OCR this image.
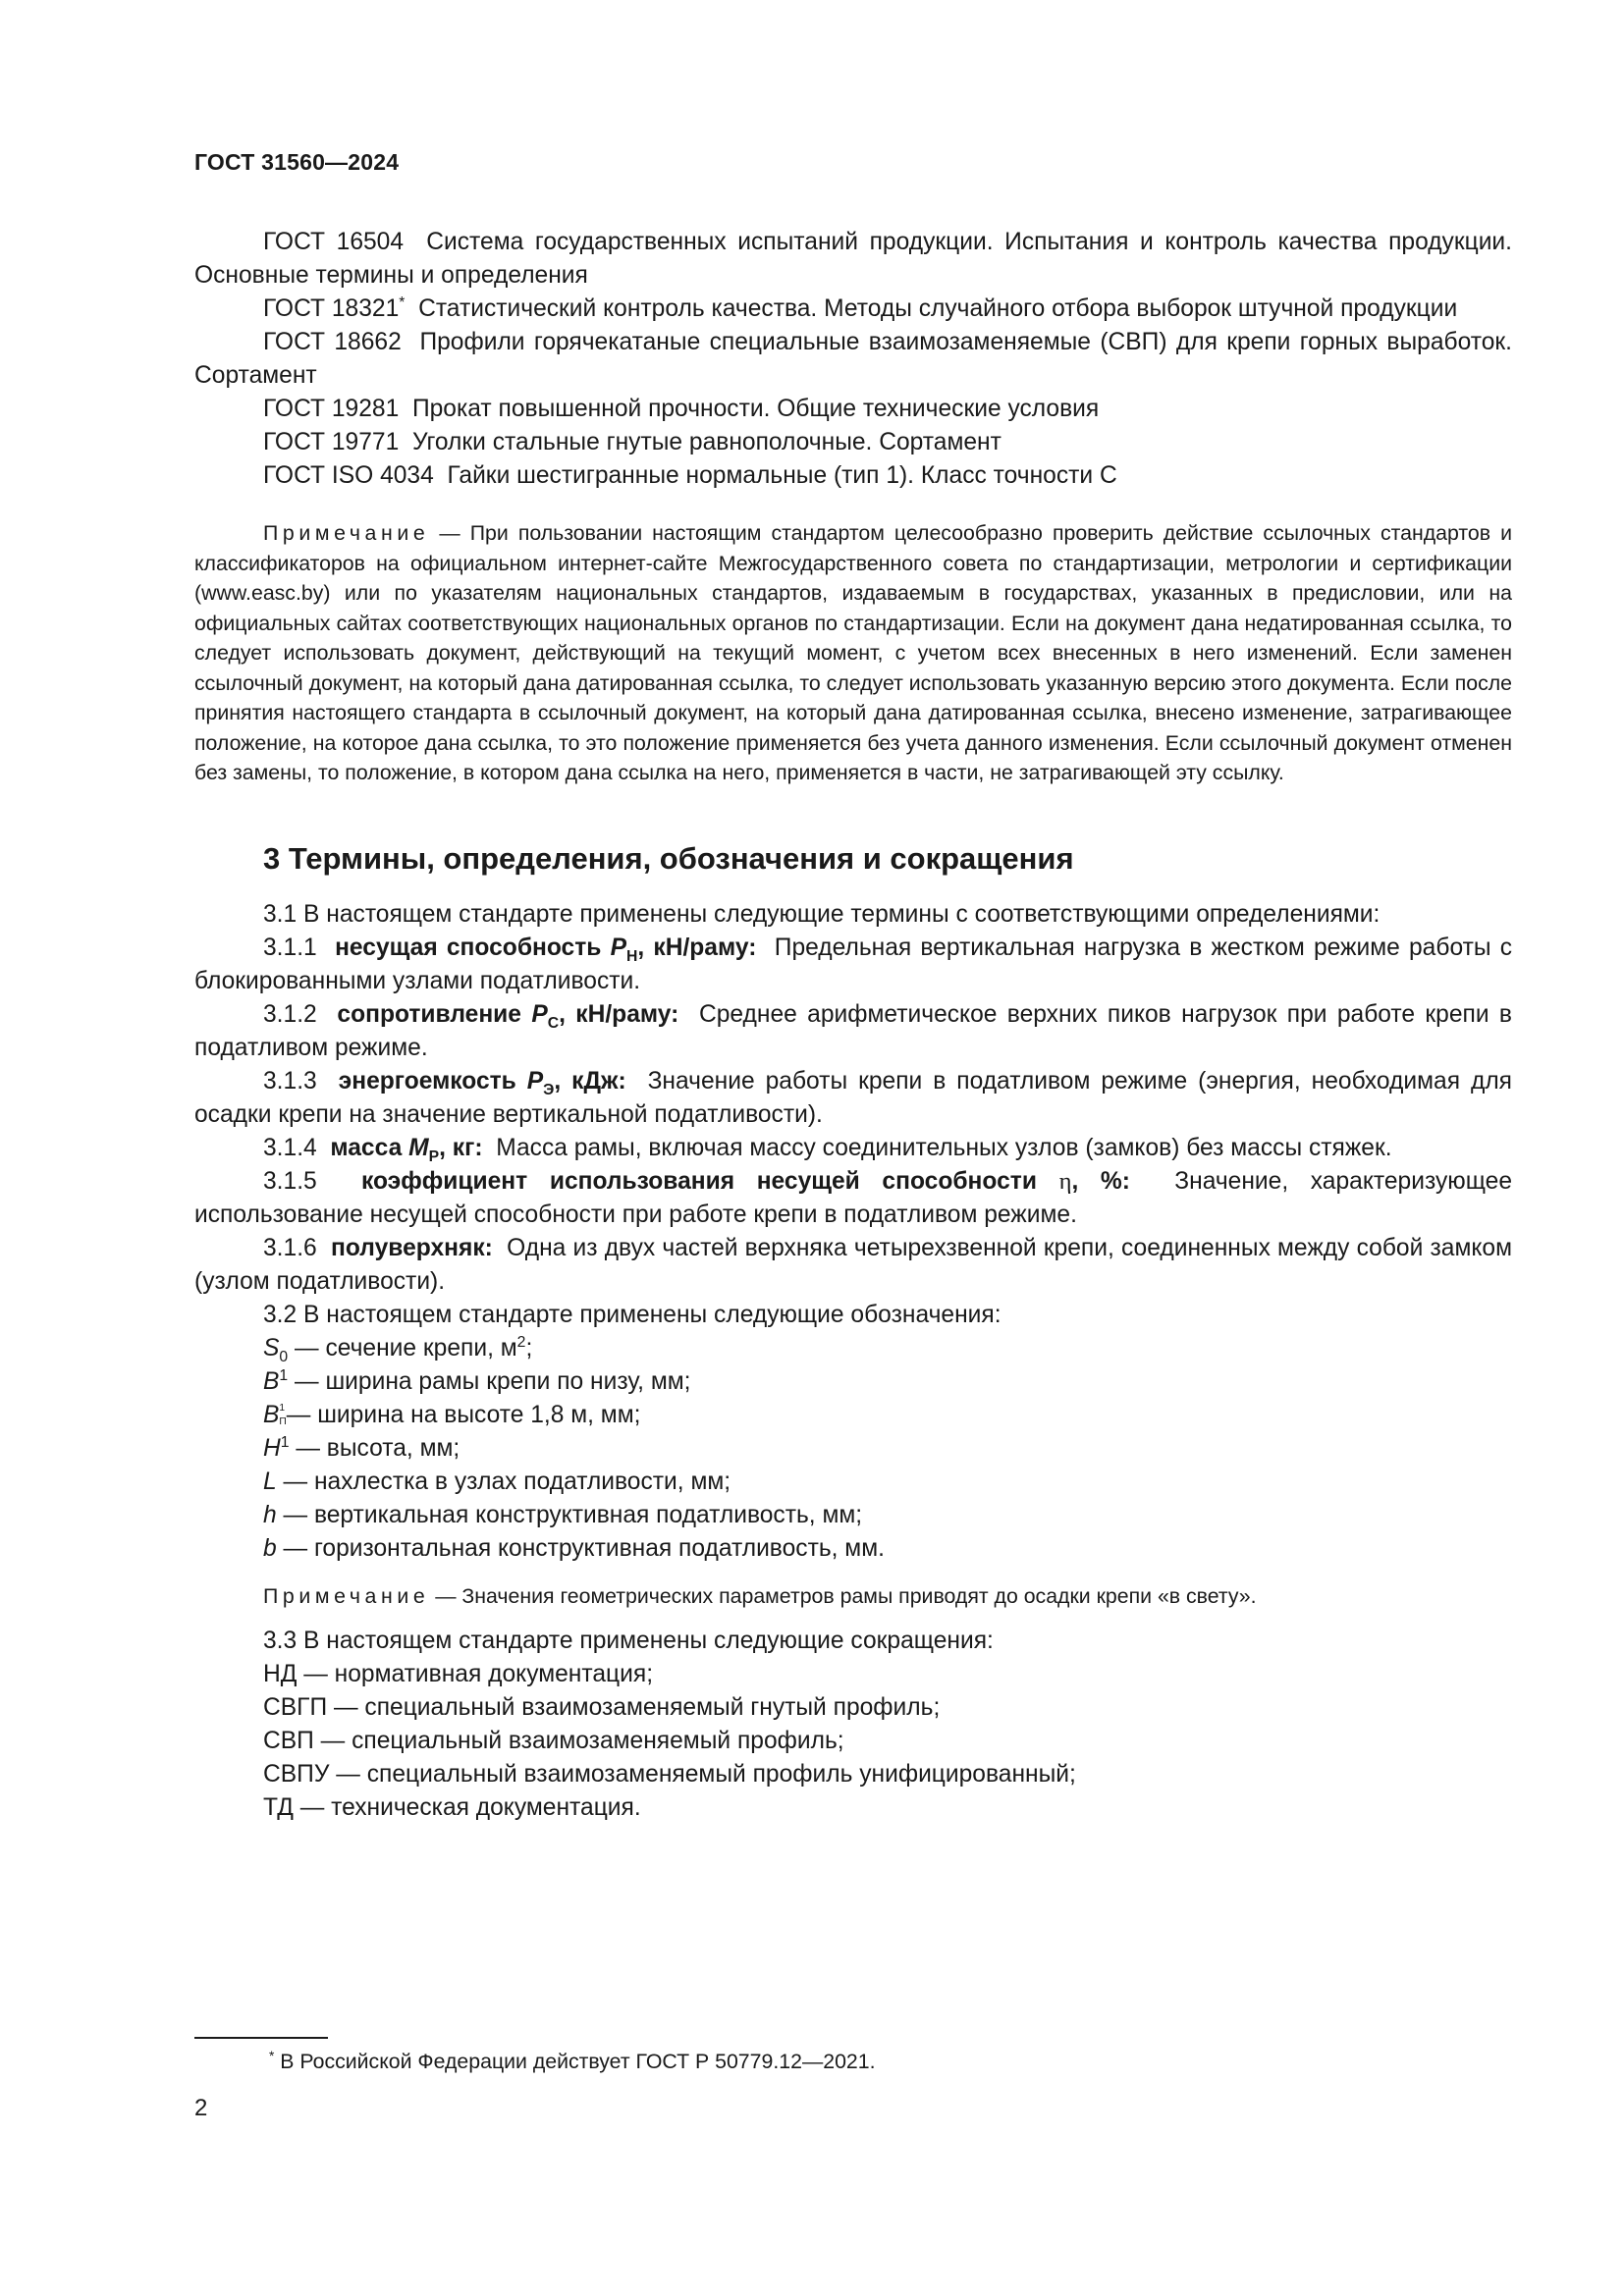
ГОСТ 31560—2024

ГОСТ 16504 Система государственных испытаний продукции. Испытания и контроль качества продукции. Основные термины и определения

ГОСТ 18321* Статистический контроль качества. Методы случайного отбора выборок штучной продукции

ГОСТ 18662 Профили горячекатаные специальные взаимозаменяемые (СВП) для крепи горных выработок. Сортамент

ГОСТ 19281 Прокат повышенной прочности. Общие технические условия

ГОСТ 19771 Уголки стальные гнутые равнополочные. Сортамент

ГОСТ ISO 4034 Гайки шестигранные нормальные (тип 1). Класс точности С

Примечание — При пользовании настоящим стандартом целесообразно проверить действие ссылочных стандартов и классификаторов на официальном интернет-сайте Межгосударственного совета по стандартизации, метрологии и сертификации (www.easc.by) или по указателям национальных стандартов, издаваемым в государствах, указанных в предисловии, или на официальных сайтах соответствующих национальных органов по стандартизации. Если на документ дана недатированная ссылка, то следует использовать документ, действующий на текущий момент, с учетом всех внесенных в него изменений. Если заменен ссылочный документ, на который дана датированная ссылка, то следует использовать указанную версию этого документа. Если после принятия настоящего стандарта в ссылочный документ, на который дана датированная ссылка, внесено изменение, затрагивающее положение, на которое дана ссылка, то это положение применяется без учета данного изменения. Если ссылочный документ отменен без замены, то положение, в котором дана ссылка на него, применяется в части, не затрагивающей эту ссылку.

3 Термины, определения, обозначения и сокращения

3.1 В настоящем стандарте применены следующие термины с соответствующими определениями:

3.1.1 несущая способность $P_Н$, кН/раму: Предельная вертикальная нагрузка в жестком режиме работы с блокированными узлами податливости.

3.1.2 сопротивление $P_С$, кН/раму: Среднее арифметическое верхних пиков нагрузок при работе крепи в податливом режиме.

3.1.3 энергоемкость $P_Э$, кДж: Значение работы крепи в податливом режиме (энергия, необходимая для осадки крепи на значение вертикальной податливости).

3.1.4 масса $M_Р$, кг: Масса рамы, включая массу соединительных узлов (замков) без массы стяжек.

3.1.5 коэффициент использования несущей способности η, %: Значение, характеризующее использование несущей способности при работе крепи в податливом режиме.

3.1.6 полуверхняк: Одна из двух частей верхняка четырехзвенной крепи, соединенных между собой замком (узлом податливости).

3.2 В настоящем стандарте применены следующие обозначения:

$S_0$ — сечение крепи, $м^2$;

$B^1$ — ширина рамы крепи по низу, мм;

B 1
П — ширина на высоте 1,8 м, мм;

$H^1$ — высота, мм;

L — нахлестка в узлах податливости, мм;

h — вертикальная конструктивная податливость, мм;

b — горизонтальная конструктивная податливость, мм.

Примечание — Значения геометрических параметров рамы приводят до осадки крепи «в свету».

3.3 В настоящем стандарте применены следующие сокращения:

НД — нормативная документация;

СВГП — специальный взаимозаменяемый гнутый профиль;

СВП — специальный взаимозаменяемый профиль;

СВПУ — специальный взаимозаменяемый профиль унифицированный;

ТД — техническая документация.

* В Российской Федерации действует ГОСТ Р 50779.12—2021.
2
